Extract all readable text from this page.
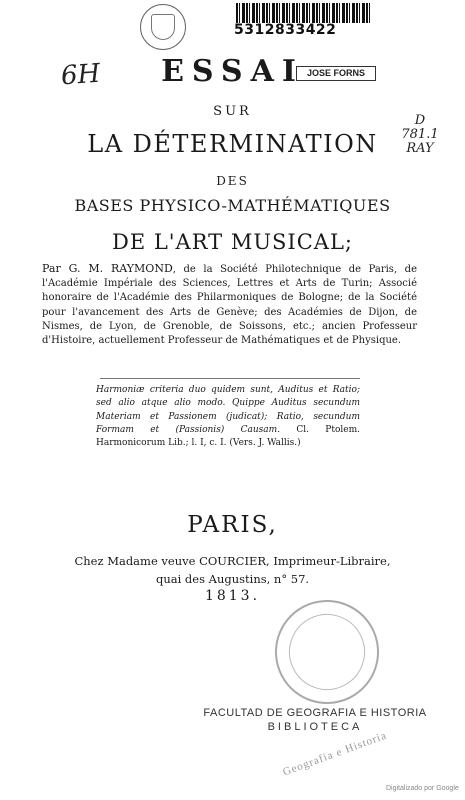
5312833422
6H	JOSE FORNS
D
781.1
RAY
ESSAI
SUR
LA DÉTERMINATION
DES
BASES PHYSICO-MATHÉMATIQUES
DE L'ART MUSICAL;
Par G. M. RAYMOND, de la Société Philotechnique de Paris, de l'Académie Impériale des Sciences, Lettres et Arts de Turin; Associé honoraire de l'Académie des Philarmoniques de Bologne; de la Société pour l'avancement des Arts de Genève; des Académies de Dijon, de Nismes, de Lyon, de Grenoble, de Soissons, etc.; ancien Professeur d'Histoire, actuellement Professeur de Mathématiques et de Physique.
Harmoniæ criteria duo quidem sunt, Auditus et Ratio; sed alio atque alio modo. Quippe Auditus secundum Materiam et Passionem (judicat); Ratio, secundum Formam et (Passionis) Causam. Cl. Ptolem. Harmonicorum Lib.; l. I, c. I. (Vers. J. Wallis.)
PARIS,
Chez Madame veuve COURCIER, Imprimeur-Libraire,
quai des Augustins, n° 57.
1813.
FACULTAD DE GEOGRAFIA E HISTORIA
BIBLIOTECA
Geografia e Historia
Digitalizado por Google
